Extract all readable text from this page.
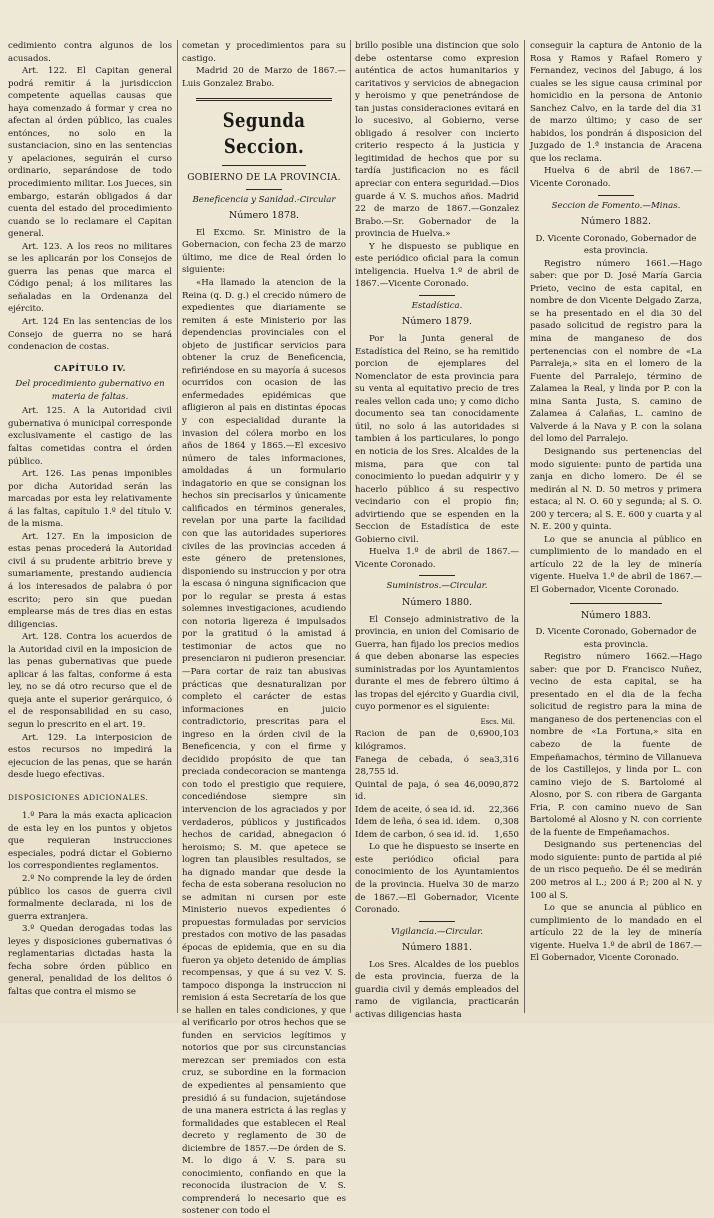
cedimiento contra algunos de los acusados.

Art. 122. El Capitan general podrá remitir á la jurisdiccion competente aquellas causas que haya comenzado á formar y crea no afectan al órden público, las cuales entónces, no solo en la sustanciacion, sino en las sentencias y apelaciones, seguirán el curso ordinario, separándose de todo procedimiento militar. Los Jueces, sin embargo, estarán obligados á dar cuenta del estado del procedimiento cuando se lo reclamare el Capitan general.

Art. 123. A los reos no militares se les aplicarán por los Consejos de guerra las penas que marca el Código penal; á los militares las señaladas en la Ordenanza del ejército.

Art. 124 En las sentencias de los Consejo de guerra no se hará condenacion de costas.

CAPÍTULO IV.
Del procedimiento gubernativo en materia de faltas.

Art. 125. A la Autoridad civil gubernativa ó municipal corresponde exclusivamente el castigo de las faltas cometidas contra el órden público.

Art. 126. Las penas imponibles por dicha Autoridad serán las marcadas por esta ley relativamente á las faltas, capítulo 1.º del título V. de la misma.

Art. 127. En la imposicion de estas penas procederá la Autoridad civil á su prudente arbitrio breve y sumariamente, prestando audiencia á los interesados de palabra ó por escrito; pero sin que puedan emplearse más de tres dias en estas diligencias.

Art. 128. Contra los acuerdos de la Autoridad civil en la imposicion de las penas gubernativas que puede aplicar á las faltas, conforme á esta ley, no se dá otro recurso que el de queja ante el superior gerárquico, ó el de responsabilidad en su caso, segun lo prescrito en el art. 19.

Art. 129. La interposicion de estos recursos no impedirá la ejecucion de las penas, que se harán desde luego efectivas.

DISPOSICIONES ADICIONALES.

1.º Para la más exacta aplicacion de esta ley en los puntos y objetos que requieran instrucciones especiales, podrá dictar el Gobierno los correspondientes reglamentos.

2.º No comprende la ley de órden público los casos de guerra civil formalmente declarada, ni los de guerra extranjera.

3.º Quedan derogadas todas las leyes y disposiciones gubernativas ó reglamentarias dictadas hasta la fecha sobre órden público en general, penalidad de los delitos ó faltas que contra el mismo se

cometan y procedimientos para su castigo.

Madrid 20 de Marzo de 1867.— Luis Gonzalez Brabo.

Segunda Seccion.
GOBIERNO DE LA PROVINCIA.
Beneficencia y Sanidad.-Circular
Número 1878.

El Excmo. Sr. Ministro de la Gobernacion, con fecha 23 de marzo último, me dice de Real órden lo siguiente:

«Ha llamado la atencion de la Reina (q. D. g.) el crecido número de expedientes que diariamente se remiten á este Ministerio por las dependencias provinciales con el objeto de justificar servicios para obtener la cruz de Beneficencia, refiriéndose en su mayoría á sucesos ocurridos con ocasion de las enfermedades epidémicas que afligieron al pais en distintas épocas y con especialidad durante la invasion del cólera morbo en los años de 1864 y 1865.—El excesivo número de tales informaciones, amoldadas á un formulario indagatorio en que se consignan los hechos sin precisarlos y únicamente calificados en términos generales, revelan por una parte la facilidad con que las autoridades superiores civiles de las provincias acceden á este género de pretensiones, disponiendo su instruccion y por otra la escasa ó ninguna significacion que por lo regular se presta á estas solemnes investigaciones, acudiendo con notoria ligereza é impulsados por la gratitud ó la amistad á testimoniar de actos que no presenciaron ni pudieron presenciar.—Para cortar de raiz tan abusivas prácticas que desnaturalizan por completo el carácter de estas informaciones en juicio contradictorio, prescritas para el ingreso en la órden civil de la Beneficencia, y con el firme y decidido propósito de que tan preciada condecoracion se mantenga con todo el prestigio que requiere, concediéndose siempre sin intervencion de los agraciados y por verdaderos, públicos y justificados hechos de caridad, abnegacion ó heroismo; S. M. que apetece se logren tan plausibles resultados, se ha dignado mandar que desde la fecha de esta soberana resolucion no se admitan ni cursen por este Ministerio nuevos expedientes ó propuestas formuladas por servicios prestados con motivo de las pasadas épocas de epidemia, que en su dia fueron ya objeto detenido de ámplias recompensas, y que á su vez V. S. tampoco disponga la instruccion ni remision á esta Secretaría de los que se hallen en tales condiciones, y que al verificarlo por otros hechos que se funden en servicios legítimos y notorios que por sus circunstancias merezcan ser premiados con esta cruz, se subordine en la formacion de expedientes al pensamiento que presidió á su fundacion, sujetándose de una manera estricta á las reglas y formalidades que establecen el Real decreto y reglamento de 30 de diciembre de 1857.—De órden de S. M. lo digo á V. S. para su conocimiento, confiando en que la reconocida ilustracion de V. S. comprenderá lo necesario que es sostener con todo el

brillo posible una distincion que solo debe ostentarse como expresion auténtica de actos humanitarios y caritativos y servicios de abnegacion y heroismo y que penetrándose de tan justas consideraciones evitará en lo sucesivo, al Gobierno, verse obligado á resolver con incierto criterio respecto á la justicia y legitimidad de hechos que por su tardía justificacion no es fácil apreciar con entera seguridad.—Dios guarde á V. S. muchos años. Madrid 22 de marzo de 1867.—Gonzalez Brabo.—Sr. Gobernador de la provincia de Huelva.»

Y he dispuesto se publique en este periódico oficial para la comun inteligencia. Huelva 1.º de abril de 1867.—Vicente Coronado.

Estadística.
Número 1879.

Por la Junta general de Estadística del Reino, se ha remitido porcion de ejemplares del Nomenclator de esta provincia para su venta al equitativo precio de tres reales vellon cada uno; y como dicho documento sea tan conocidamente útil, no solo á las autoridades si tambien á los particulares, lo pongo en noticia de los Sres. Alcaldes de la misma, para que con tal conocimiento lo puedan adquirir y y hacerlo público á su respectivo vecindario con el propio fin; advirtiendo que se espenden en la Seccion de Estadística de este Gobierno civil.

Huelva 1.º de abril de 1867.— Vicente Coronado.

Suministros.—Circular.
Número 1880.

El Consejo administrativo de la provincia, en union del Comisario de Guerra, han fijado los precios medios á que deben abonarse las especies suministradas por los Ayuntamientos durante el mes de febrero último á las tropas del ejército y Guardia civil, cuyo pormenor es el siguiente:

Escs. Mil.
Racion de pan de 0,690 kilógramos.
0,103
Fanega de cebada, ó sea 28,755 id.
3,316
Quintal de paja, ó sea 46,009 id.
0,872
Idem de aceite, ó sea id. id. 22,366
Idem de leña, ó sea id. idem. 0,308
Idem de carbon, ó sea id. id. 1,650

Lo que he dispuesto se inserte en este periódico oficial para conocimiento de los Ayuntamientos de la provincia. Huelva 30 de marzo de 1867.—El Gobernador, Vicente Coronado.

Vigilancia.—Circular.
Número 1881.

Los Sres. Alcaldes de los pueblos de esta provincia, fuerza de la guardia civil y demás empleados del ramo de vigilancia, practicarán activas diligencias hasta

conseguir la captura de Antonio de la Rosa y Ramos y Rafael Romero y Fernandez, vecinos del Jabugo, á los cuales se les sigue causa criminal por homicidio en la persona de Antonio Sanchez Calvo, en la tarde del dia 31 de marzo último; y caso de ser habidos, los pondrán á disposicion del Juzgado de 1.ª instancia de Aracena que los reclama.

Huelva 6 de abril de 1867.— Vicente Coronado.

Seccion de Fomento.—Minas.
Número 1882.

D. Vicente Coronado, Gobernador de esta provincia.

Registro número 1661.—Hago saber: que por D. José María Garcia Prieto, vecino de esta capital, en nombre de don Vicente Delgado Zarza, se ha presentado en el dia 30 del pasado solicitud de registro para la mina de manganeso de dos pertenencias con el nombre de «La Parraleja,» sita en el lomero de la Fuente del Parralejo, término de Zalamea la Real, y linda por P. con la mina Santa Justa, S. camino de Zalamea á Calañas, L. camino de Valverde á la Nava y P. con la solana del lomo del Parralejo.

Designando sus pertenencias del modo siguiente: punto de partida una zanja en dicho lomero. De él se medirán al N. D. 50 metros y primera estaca; al N. O. 60 y segunda; al S. O. 200 y tercera; al S. E. 600 y cuarta y al N. E. 200 y quinta.

Lo que se anuncia al público en cumplimiento de lo mandado en el artículo 22 de la ley de minería vigente. Huelva 1.º de abril de 1867.—El Gobernador, Vicente Coronado.

Número 1883.

D. Vicente Coronado, Gobernador de esta provincia.

Registro número 1662.—Hago saber: que por D. Francisco Nuñez, vecino de esta capital, se ha presentado en el dia de la fecha solicitud de registro para la mina de manganeso de dos pertenencias con el nombre de «La Fortuna,» sita en cabezo de la fuente de Empeñamachos, término de Villanueva de los Castillejos, y linda por L. con camino viejo de S. Bartolomé al Alosno, por S. con ribera de Garganta Fria, P. con camino nuevo de San Bartolomé al Alosno y N. con corriente de la fuente de Empeñamachos.

Designando sus pertenencias del modo siguiente: punto de partida al pié de un risco pequeño. De él se medirán 200 metros al L.; 200 á P.; 200 al N. y 100 al S.

Lo que se anuncia al público en cumplimiento de lo mandado en el artículo 22 de la ley de minería vigente. Huelva 1.º de abril de 1867.—El Gobernador, Vicente Coronado.
